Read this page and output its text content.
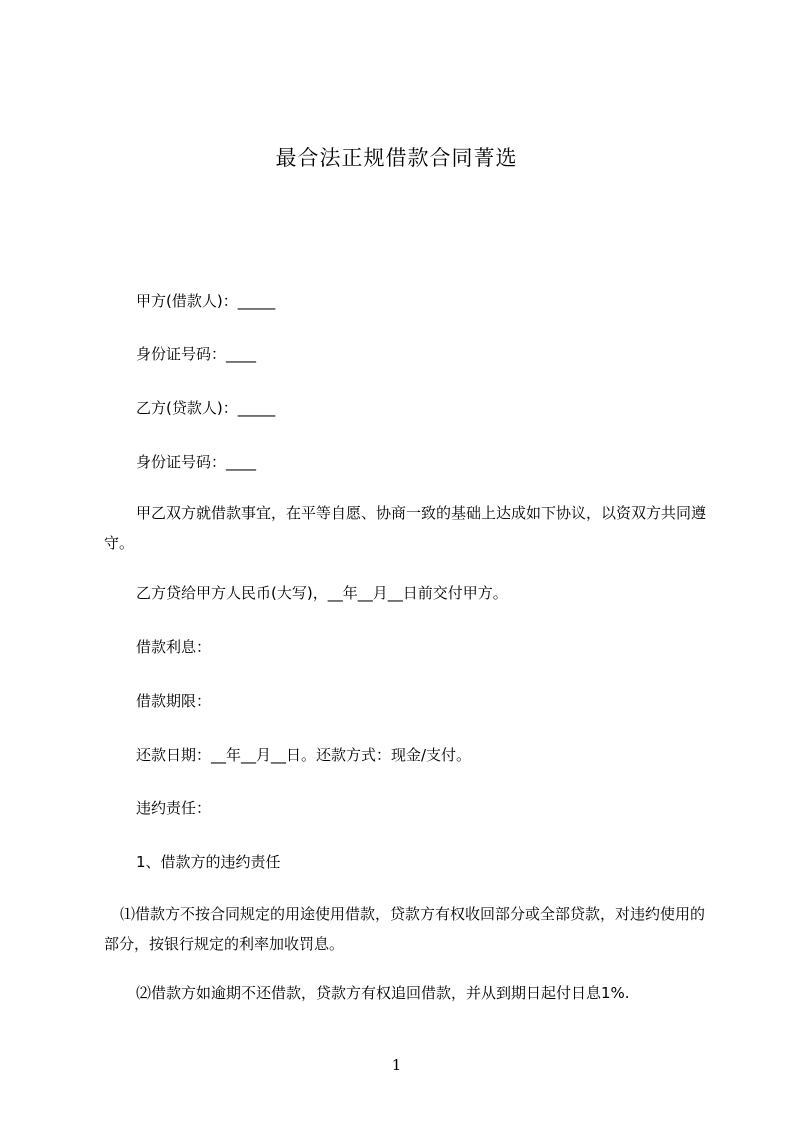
最合法正规借款合同菁选
甲方(借款人)：_____
身份证号码：____
乙方(贷款人)：_____
身份证号码：____
甲乙双方就借款事宜，在平等自愿、协商一致的基础上达成如下协议，以资双方共同遵守。
乙方贷给甲方人民币(大写)，__年__月__日前交付甲方。
借款利息：
借款期限：
还款日期：__年__月__日。还款方式：现金/支付。
违约责任：
1、借款方的违约责任
⑴借款方不按合同规定的用途使用借款，贷款方有权收回部分或全部贷款，对违约使用的部分，按银行规定的利率加收罚息。
⑵借款方如逾期不还借款，贷款方有权追回借款，并从到期日起付日息1%.
1
